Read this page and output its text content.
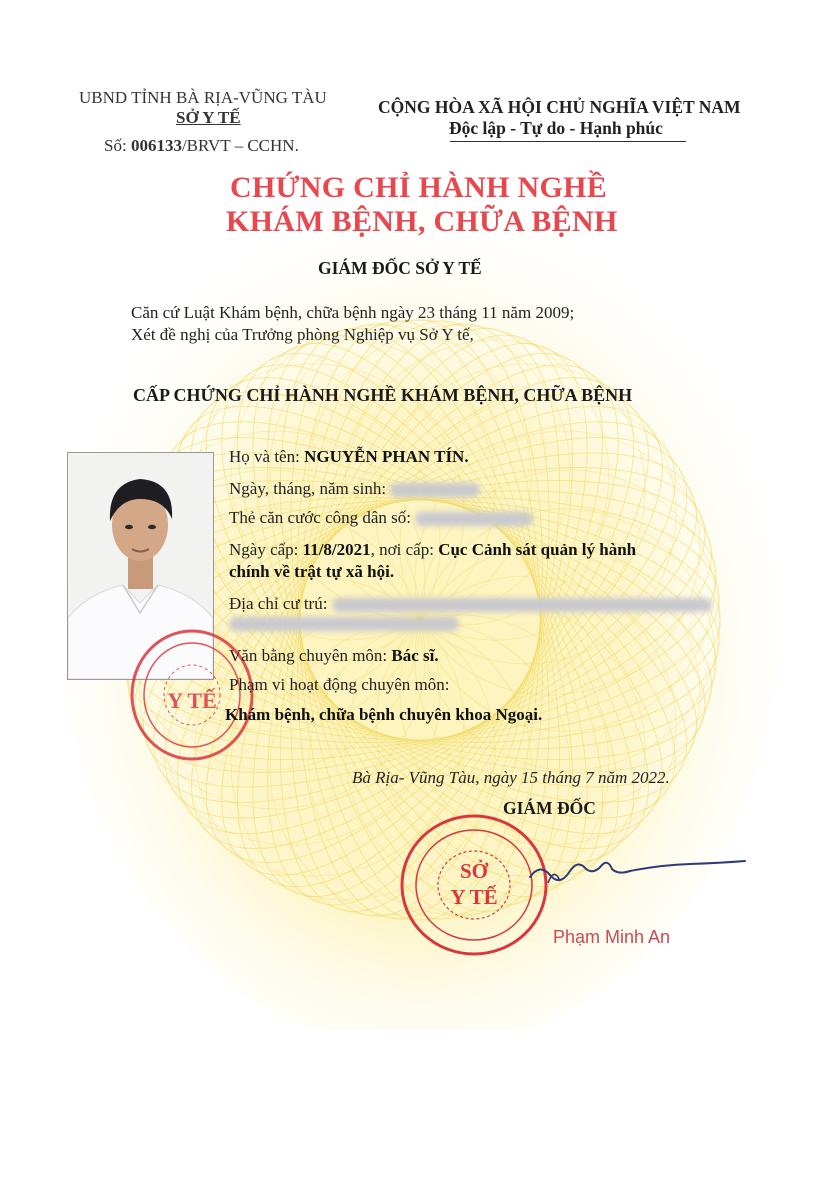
UBND TỈNH BÀ RỊA-VŨNG TÀU
SỞ Y TẾ
Số: 006133/BRVT – CCHN.
CỘNG HÒA XÃ HỘI CHỦ NGHĨA VIỆT NAM
Độc lập - Tự do - Hạnh phúc
CHỨNG CHỈ HÀNH NGHỀ
KHÁM BỆNH, CHỮA BỆNH
GIÁM ĐỐC SỞ Y TẾ
Căn cứ Luật Khám bệnh, chữa bệnh ngày 23 tháng 11 năm 2009;
Xét đề nghị của Trưởng phòng Nghiệp vụ Sở Y tế,
CẤP CHỨNG CHỈ HÀNH NGHỀ KHÁM BỆNH, CHỮA BỆNH
Y TẾ
Họ và tên: NGUYỄN PHAN TÍN.
Ngày, tháng, năm sinh:
Thẻ căn cước công dân số:
Ngày cấp: 11/8/2021, nơi cấp: Cục Cảnh sát quản lý hành
chính về trật tự xã hội.
Địa chỉ cư trú:
Văn bằng chuyên môn: Bác sĩ.
Phạm vi hoạt động chuyên môn:
Khám bệnh, chữa bệnh chuyên khoa Ngoại.
Bà Rịa- Vũng Tàu, ngày 15 tháng 7 năm 2022.
GIÁM ĐỐC
SỞ
Y TẾ
Phạm Minh An
